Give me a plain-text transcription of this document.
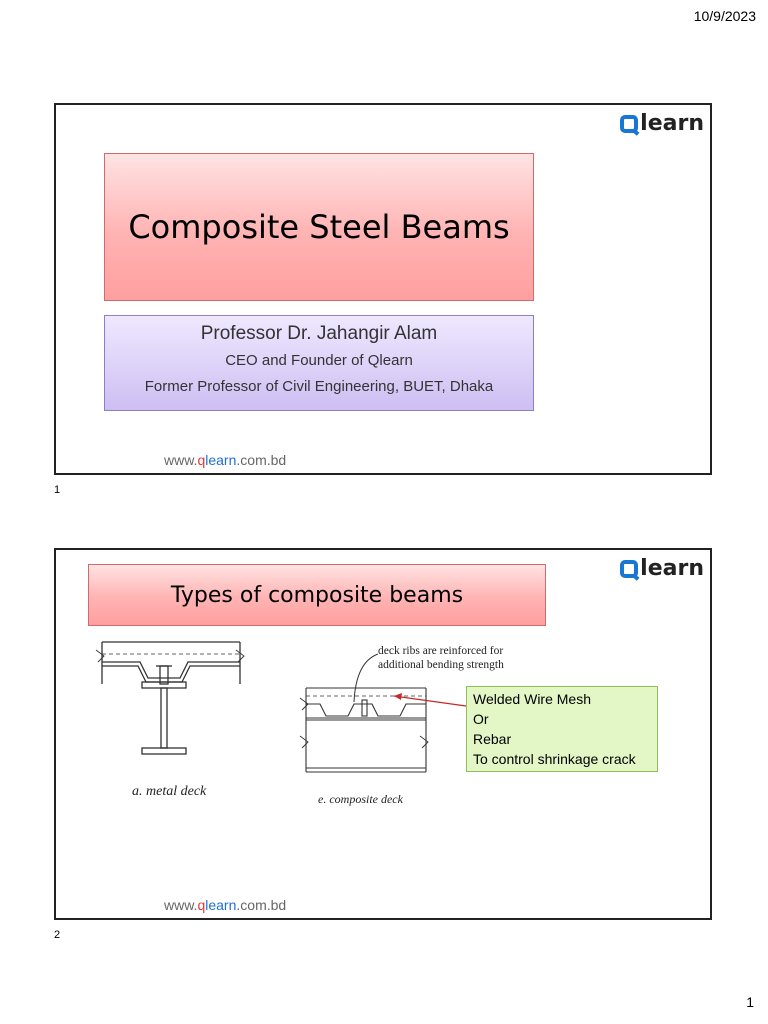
10/9/2023
learn
Composite Steel Beams
Professor Dr. Jahangir Alam
CEO and Founder of Qlearn
Former Professor of Civil Engineering, BUET, Dhaka
www.qlearn.com.bd
1
learn
Types of composite beams
a. metal deck	e. composite deck
deck ribs are reinforced for
additional bending strength
Welded Wire Mesh
Or
Rebar
To control shrinkage crack
www.qlearn.com.bd
2
1
